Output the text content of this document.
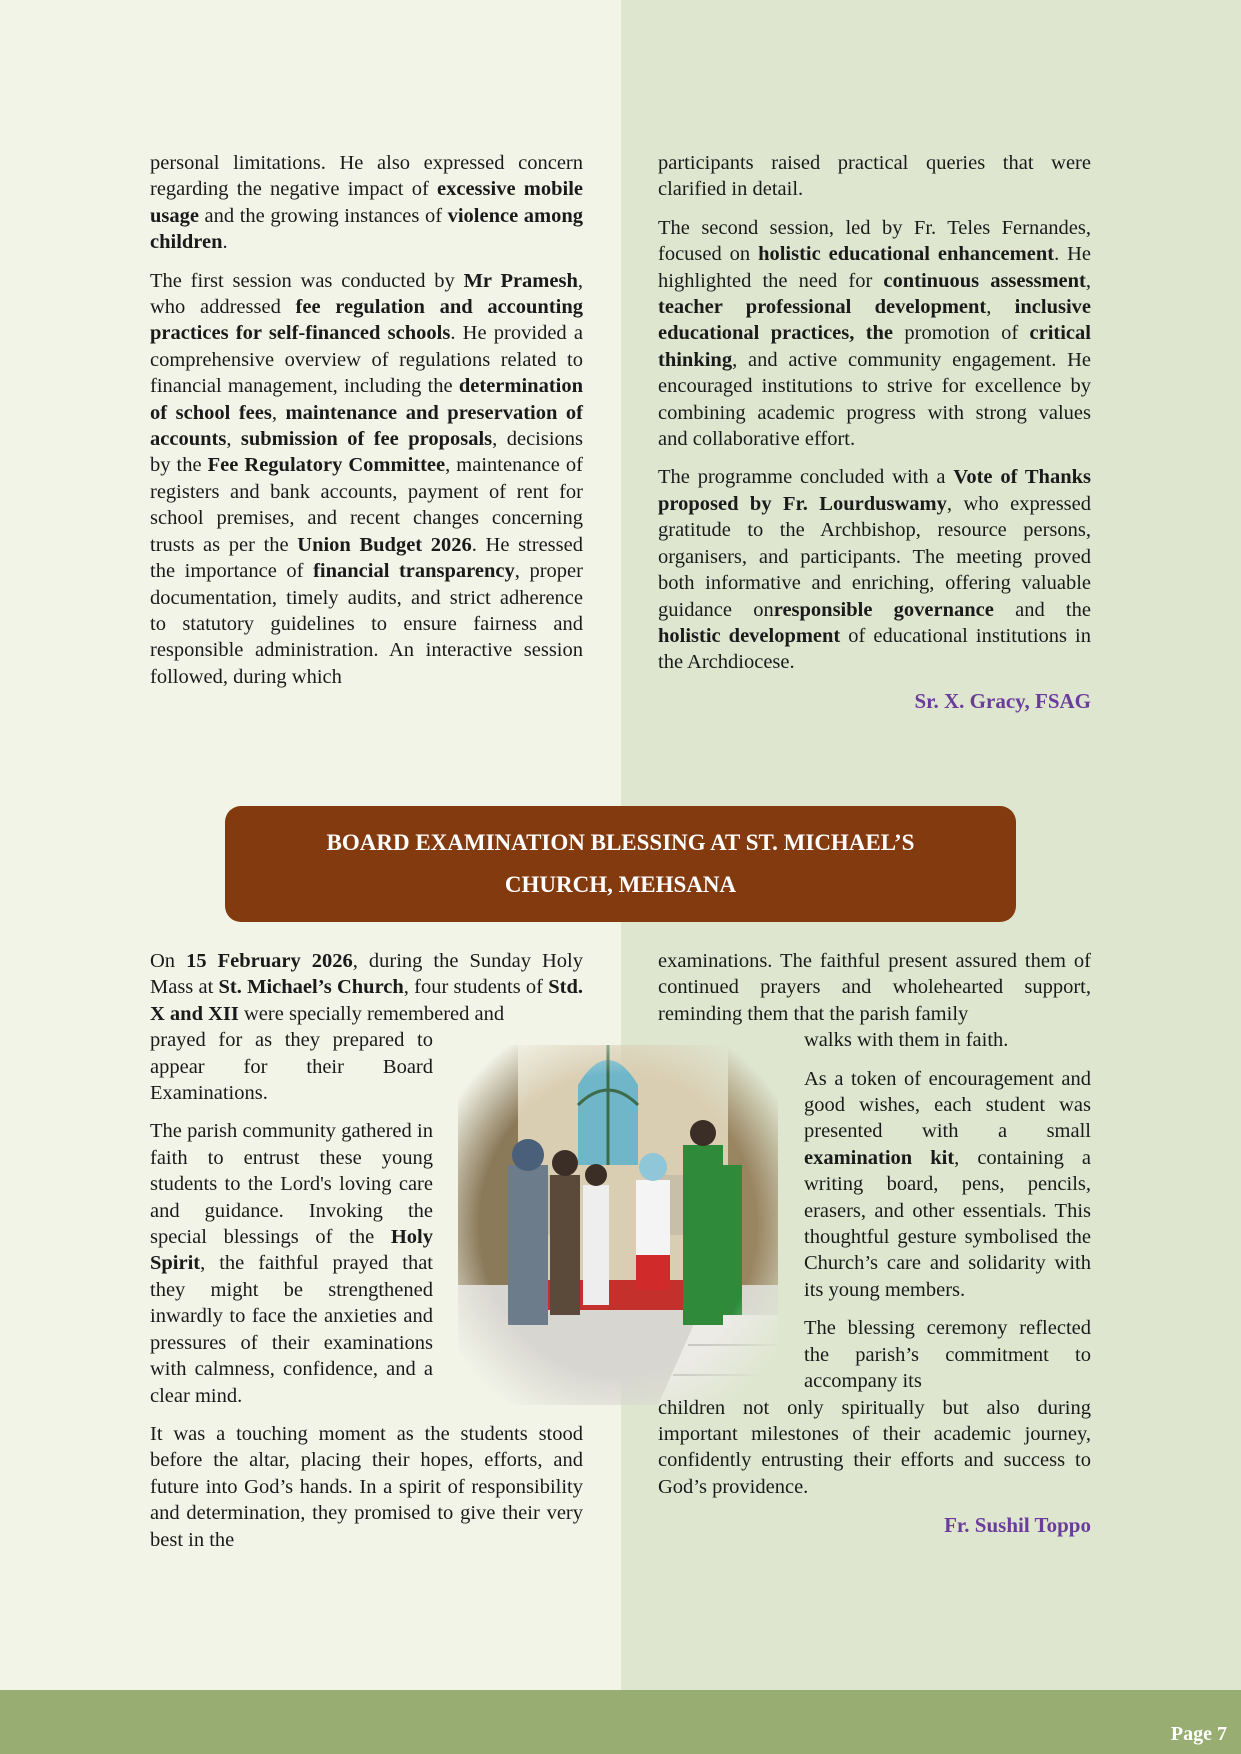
personal limitations. He also expressed concern regarding the negative impact of excessive mobile usage and the growing instances of violence among children.

The first session was conducted by Mr Pramesh, who addressed fee regulation and accounting practices for self-financed schools. He provided a comprehensive overview of regulations related to financial management, including the determination of school fees, maintenance and preservation of accounts, submission of fee proposals, decisions by the Fee Regulatory Committee, maintenance of registers and bank accounts, payment of rent for school premises, and recent changes concerning trusts as per the Union Budget 2026. He stressed the importance of financial transparency, proper documentation, timely audits, and strict adherence to statutory guidelines to ensure fairness and responsible administration. An interactive session followed, during which

participants raised practical queries that were clarified in detail.

The second session, led by Fr. Teles Fernandes, focused on holistic educational enhancement. He highlighted the need for continuous assessment, teacher professional development, inclusive educational practices, the promotion of critical thinking, and active community engagement. He encouraged institutions to strive for excellence by combining academic progress with strong values and collaborative effort.

The programme concluded with a Vote of Thanks proposed by Fr. Lourduswamy, who expressed gratitude to the Archbishop, resource persons, organisers, and participants. The meeting proved both informative and enriching, offering valuable guidance onresponsible governance and the holistic development of educational institutions in the Archdiocese.

Sr. X. Gracy, FSAG
BOARD EXAMINATION BLESSING AT ST. MICHAEL’S
CHURCH, MEHSANA
On 15 February 2026, during the Sunday Holy Mass at St. Michael’s Church, four students of Std. X and XII were specially remembered and
prayed for as they prepared to appear for their Board Examinations.

The parish community gathered in faith to entrust these young students to the Lord's loving care and guidance. Invoking the special blessings of the Holy Spirit, the faithful prayed that they might be strengthened inwardly to face the anxieties and pressures of their examinations with calmness, confidence, and a clear mind.

It was a touching moment as the students stood before the altar, placing their hopes, efforts, and future into God’s hands. In a spirit of responsibility and determination, they promised to give their very best in the

examinations. The faithful present assured them of continued prayers and wholehearted support, reminding them that the parish family
walks with them in faith.

As a token of encouragement and good wishes, each student was presented with a small examination kit, containing a writing board, pens, pencils, erasers, and other essentials. This thoughtful gesture symbolised the Church’s care and solidarity with its young members.

The blessing ceremony reflected the parish’s commitment to accompany its

children not only spiritually but also during important milestones of their academic journey, confidently entrusting their efforts and success to God’s providence.

Fr. Sushil Toppo
Page 7
